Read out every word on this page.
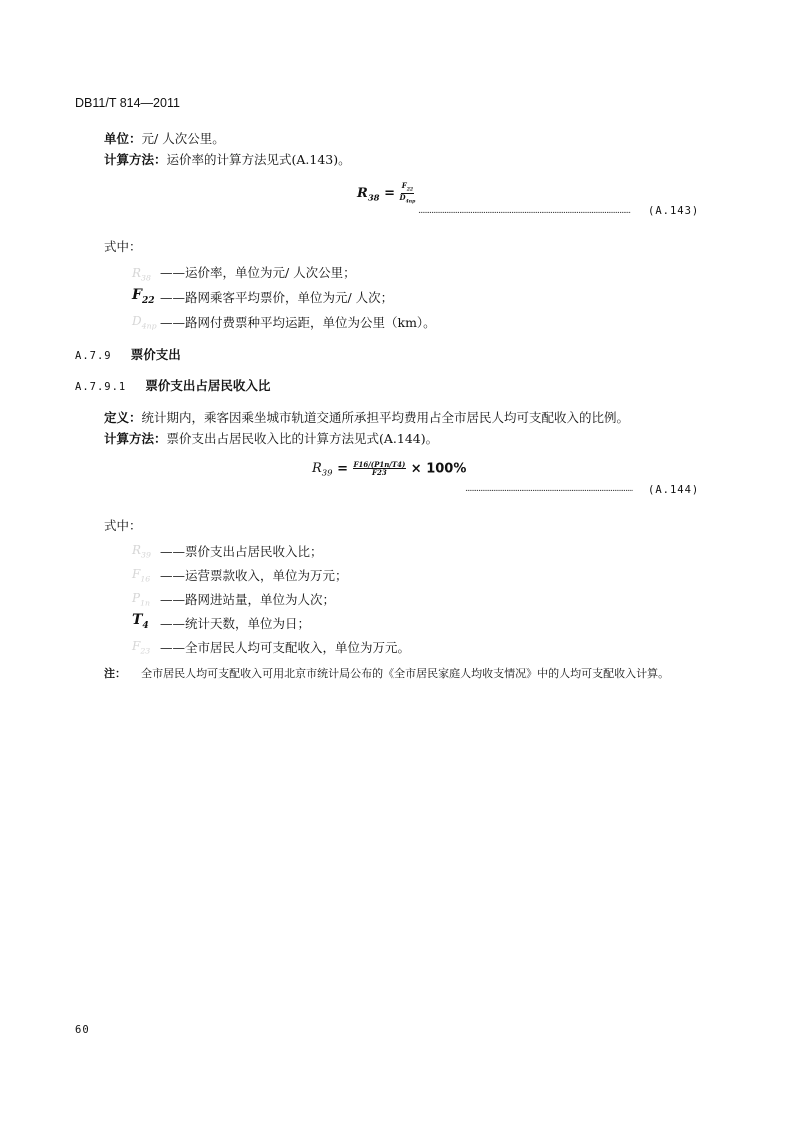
DB11/T 814—2011
单位：元/ 人次公里。
计算方法：运价率的计算方法见式(A.143)。
$R_{38} = \frac{F_{22}}{D_{4np}}$
..................................................................................................................	(A.143)
式中：
$R_{38}$ ——运价率，单位为元/ 人次公里；
$F_{22}$ ——路网乘客平均票价，单位为元/ 人次；
$D_{4np}$ ——路网付费票种平均运距，单位为公里（km）。
A.7.9 票价支出
A.7.9.1 票价支出占居民收入比
定义：统计期内，乘客因乘坐城市轨道交通所承担平均费用占全市居民人均可支配收入的比例。
计算方法：票价支出占居民收入比的计算方法见式(A.144)。
$R_{39} = \frac{F16/(P1n/T4)}{F23} \times 100\%$
..........................................................................................	(A.144)
式中：
$R_{39}$ ——票价支出占居民收入比；
$F_{16}$ ——运营票款收入，单位为万元；
$P_{1n}$ ——路网进站量，单位为人次；
$T_4$ ——统计天数，单位为日；
$F_{23}$ ——全市居民人均可支配收入，单位为万元。
注： 全市居民人均可支配收入可用北京市统计局公布的《全市居民家庭人均收支情况》中的人均可支配收入计算。
60
